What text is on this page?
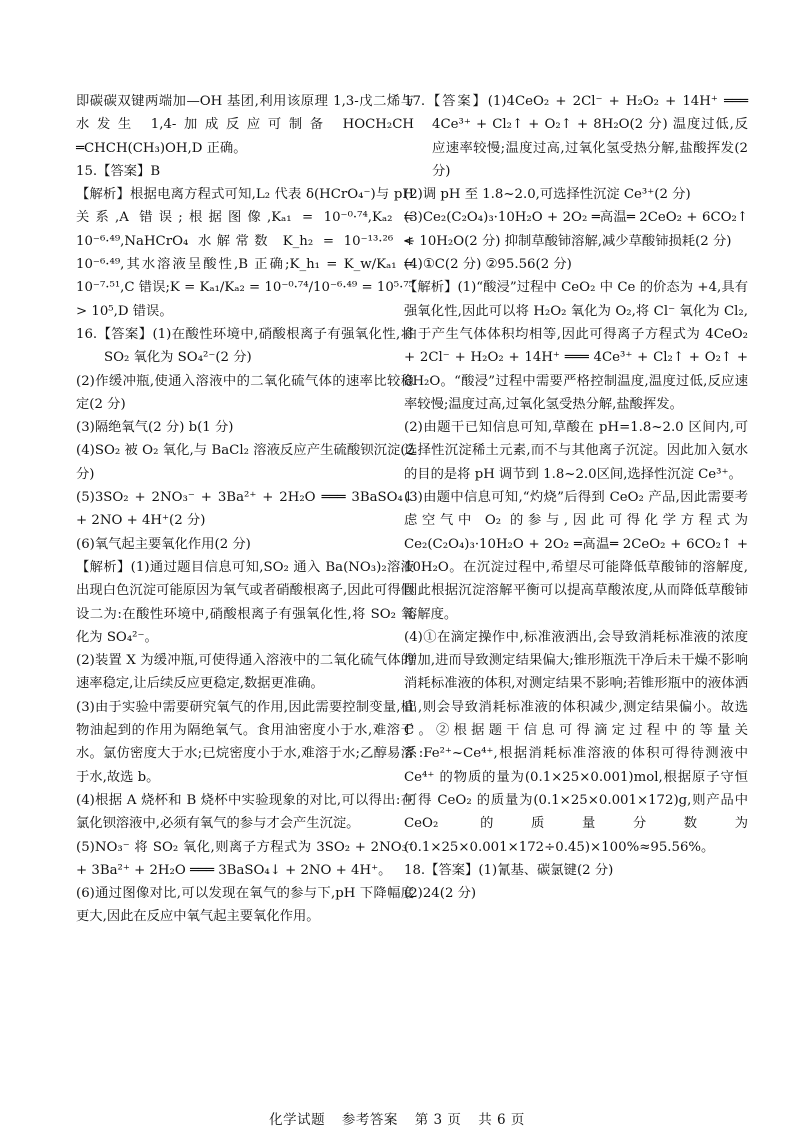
即碳碳双键两端加—OH 基团,利用该原理 1,3-戊二烯与水发生 1,4-加成反应可制备 HOCH₂CH ═CHCH(CH₃)OH,D 正确。

15.【答案】B

【解析】根据电离方程式可知,L₂ 代表 δ(HCrO₄⁻)与 pH 关系,A 错误;根据图像,Kₐ₁ = 10⁻⁰·⁷⁴,Kₐ₂ = 10⁻⁶·⁴⁹,NaHCrO₄ 水解常数 K_h₂ = 10⁻¹³·²⁶ < 10⁻⁶·⁴⁹,其水溶液呈酸性,B 正确;K_h₁ = K_w/Kₐ₁ = 10⁻⁷·⁵¹,C 错误;K = Kₐ₁/Kₐ₂ = 10⁻⁰·⁷⁴/10⁻⁶·⁴⁹ = 10⁵·⁷⁵ > 10⁵,D 错误。

16.【答案】(1)在酸性环境中,硝酸根离子有强氧化性,将 SO₂ 氧化为 SO₄²⁻(2 分)

(2)作缓冲瓶,使通入溶液中的二氧化硫气体的速率比较稳定(2 分)

(3)隔绝氧气(2 分) b(1 分)

(4)SO₂ 被 O₂ 氧化,与 BaCl₂ 溶液反应产生硫酸钡沉淀(2 分)

(5)3SO₂ + 2NO₃⁻ + 3Ba²⁺ + 2H₂O ═══ 3BaSO₄↓ + 2NO + 4H⁺(2 分)

(6)氧气起主要氧化作用(2 分)

【解析】(1)通过题目信息可知,SO₂ 通入 Ba(NO₃)₂溶液出现白色沉淀可能原因为氧气或者硝酸根离子,因此可得假设二为:在酸性环境中,硝酸根离子有强氧化性,将 SO₂ 氧化为 SO₄²⁻。

(2)装置 X 为缓冲瓶,可使得通入溶液中的二氧化硫气体的速率稳定,让后续反应更稳定,数据更准确。

(3)由于实验中需要研究氧气的作用,因此需要控制变量,植物油起到的作用为隔绝氧气。食用油密度小于水,难溶于水。氯仿密度大于水;已烷密度小于水,难溶于水;乙醇易溶于水,故选 b。

(4)根据 A 烧杯和 B 烧杯中实验现象的对比,可以得出:在氯化钡溶液中,必须有氧气的参与才会产生沉淀。

(5)NO₃⁻ 将 SO₂ 氧化,则离子方程式为 3SO₂ + 2NO₃⁻ + 3Ba²⁺ + 2H₂O ═══ 3BaSO₄↓ + 2NO + 4H⁺。

(6)通过图像对比,可以发现在氧气的参与下,pH 下降幅度更大,因此在反应中氧气起主要氧化作用。

17.【答案】(1)4CeO₂ + 2Cl⁻ + H₂O₂ + 14H⁺ ═══ 4Ce³⁺ + Cl₂↑ + O₂↑ + 8H₂O(2 分) 温度过低,反应速率较慢;温度过高,过氧化氢受热分解,盐酸挥发(2 分)

(2)调 pH 至 1.8~2.0,可选择性沉淀 Ce³⁺(2 分)

(3)Ce₂(C₂O₄)₃·10H₂O + 2O₂ ═高温═ 2CeO₂ + 6CO₂↑ + 10H₂O(2 分) 抑制草酸铈溶解,减少草酸铈损耗(2 分)

(4)①C(2 分) ②95.56(2 分)

【解析】(1)“酸浸”过程中 CeO₂ 中 Ce 的价态为 +4,具有强氧化性,因此可以将 H₂O₂ 氧化为 O₂,将 Cl⁻ 氧化为 Cl₂,由于产生气体体积均相等,因此可得离子方程式为 4CeO₂ + 2Cl⁻ + H₂O₂ + 14H⁺ ═══ 4Ce³⁺ + Cl₂↑ + O₂↑ + 8H₂O。“酸浸”过程中需要严格控制温度,温度过低,反应速率较慢;温度过高,过氧化氢受热分解,盐酸挥发。

(2)由题干已知信息可知,草酸在 pH=1.8~2.0 区间内,可选择性沉淀稀土元素,而不与其他离子沉淀。因此加入氨水的目的是将 pH 调节到 1.8~2.0区间,选择性沉淀 Ce³⁺。

(3)由题中信息可知,“灼烧”后得到 CeO₂ 产品,因此需要考虑空气中 O₂ 的参与,因此可得化学方程式为 Ce₂(C₂O₄)₃·10H₂O + 2O₂ ═高温═ 2CeO₂ + 6CO₂↑ + 10H₂O。在沉淀过程中,希望尽可能降低草酸铈的溶解度,因此根据沉淀溶解平衡可以提高草酸浓度,从而降低草酸铈溶解度。

(4)①在滴定操作中,标准液洒出,会导致消耗标准液的浓度增加,进而导致测定结果偏大;锥形瓶洗干净后未干燥不影响消耗标准液的体积,对测定结果不影响;若锥形瓶中的液体洒出,则会导致消耗标准液的体积减少,测定结果偏小。故选 C。②根据题干信息可得滴定过程中的等量关系:Fe²⁺~Ce⁴⁺,根据消耗标准溶液的体积可得待测液中 Ce⁴⁺ 的物质的量为(0.1×25×0.001)mol,根据原子守恒可得 CeO₂ 的质量为(0.1×25×0.001×172)g,则产品中 CeO₂ 的质量分数为(0.1×25×0.001×172÷0.45)×100%≈95.56%。

18.【答案】(1)氰基、碳氯键(2 分)

(2)24(2 分)

化学试题 参考答案 第 3 页 共 6 页
